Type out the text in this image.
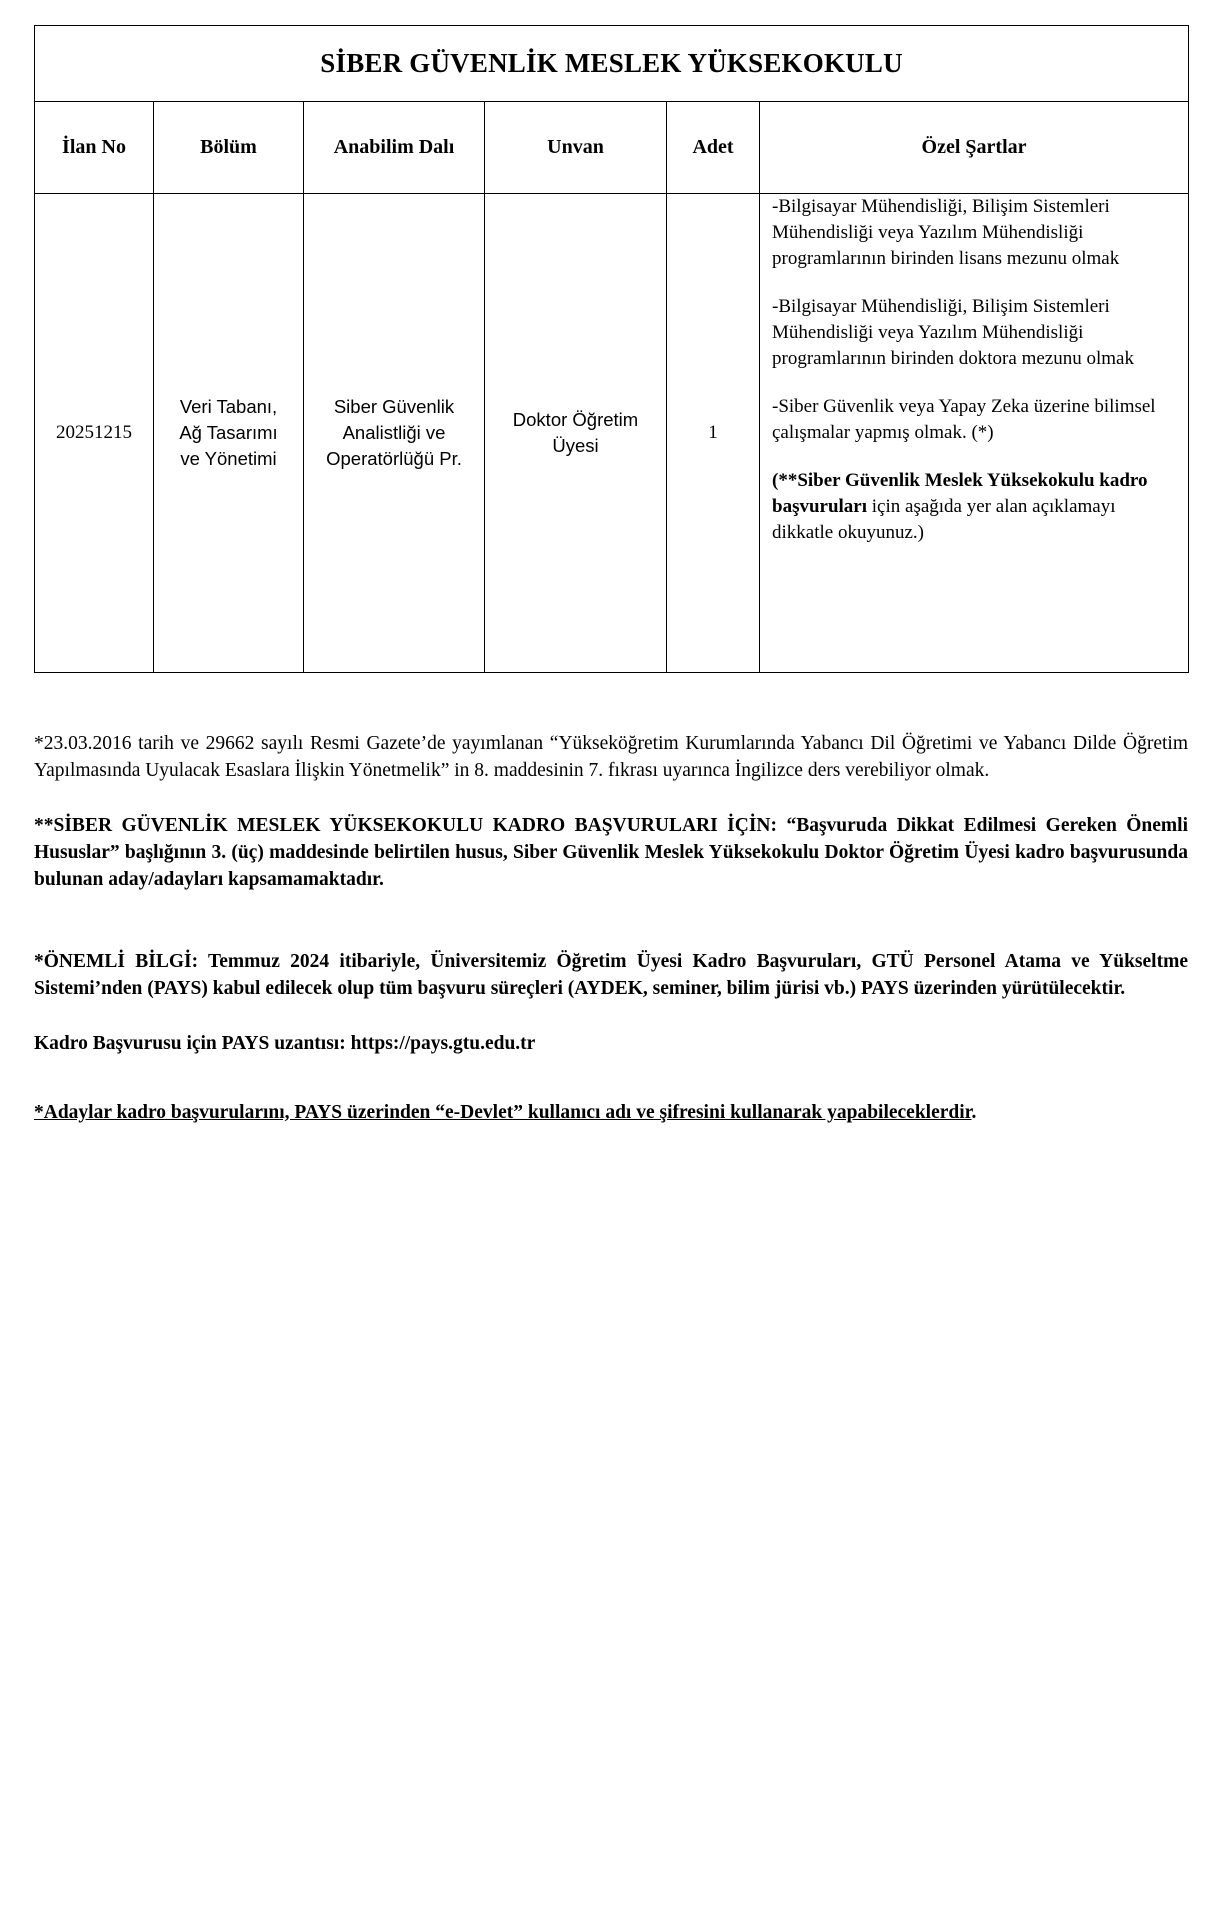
SİBER GÜVENLİK MESLEK YÜKSEKOKULU					
İlan No	Bölüm	Anabilim Dalı	Unvan	Adet	Özel Şartlar
20251215	Veri Tabanı, Ağ Tasarımı ve Yönetimi	Siber Güvenlik Analistliği ve Operatörlüğü Pr.	Doktor Öğretim Üyesi	1	-Bilgisayar Mühendisliği, Bilişim Sistemleri Mühendisliği veya Yazılım Mühendisliği programlarının birinden lisans mezunu olmak

-Bilgisayar Mühendisliği, Bilişim Sistemleri Mühendisliği veya Yazılım Mühendisliği programlarının birinden doktora mezunu olmak

-Siber Güvenlik veya Yapay Zeka üzerine bilimsel çalışmalar yapmış olmak. (*)

(**Siber Güvenlik Meslek Yüksekokulu kadro başvuruları için aşağıda yer alan açıklamayı dikkatle okuyunuz.)

*23.03.2016 tarih ve 29662 sayılı Resmi Gazete’de yayımlanan “Yükseköğretim Kurumlarında Yabancı Dil Öğretimi ve Yabancı Dilde Öğretim Yapılmasında Uyulacak Esaslara İlişkin Yönetmelik” in 8. maddesinin 7. fıkrası uyarınca İngilizce ders verebiliyor olmak.

**SİBER GÜVENLİK MESLEK YÜKSEKOKULU KADRO BAŞVURULARI İÇİN: “Başvuruda Dikkat Edilmesi Gereken Önemli Hususlar” başlığının 3. (üç) maddesinde belirtilen husus, Siber Güvenlik Meslek Yüksekokulu Doktor Öğretim Üyesi kadro başvurusunda bulunan aday/adayları kapsamamaktadır.

*ÖNEMLİ BİLGİ: Temmuz 2024 itibariyle, Üniversitemiz Öğretim Üyesi Kadro Başvuruları, GTÜ Personel Atama ve Yükseltme Sistemi’nden (PAYS) kabul edilecek olup tüm başvuru süreçleri (AYDEK, seminer, bilim jürisi vb.) PAYS üzerinden yürütülecektir.

Kadro Başvurusu için PAYS uzantısı: https://pays.gtu.edu.tr

*Adaylar kadro başvurularını, PAYS üzerinden “e-Devlet” kullanıcı adı ve şifresini kullanarak yapabileceklerdir.
